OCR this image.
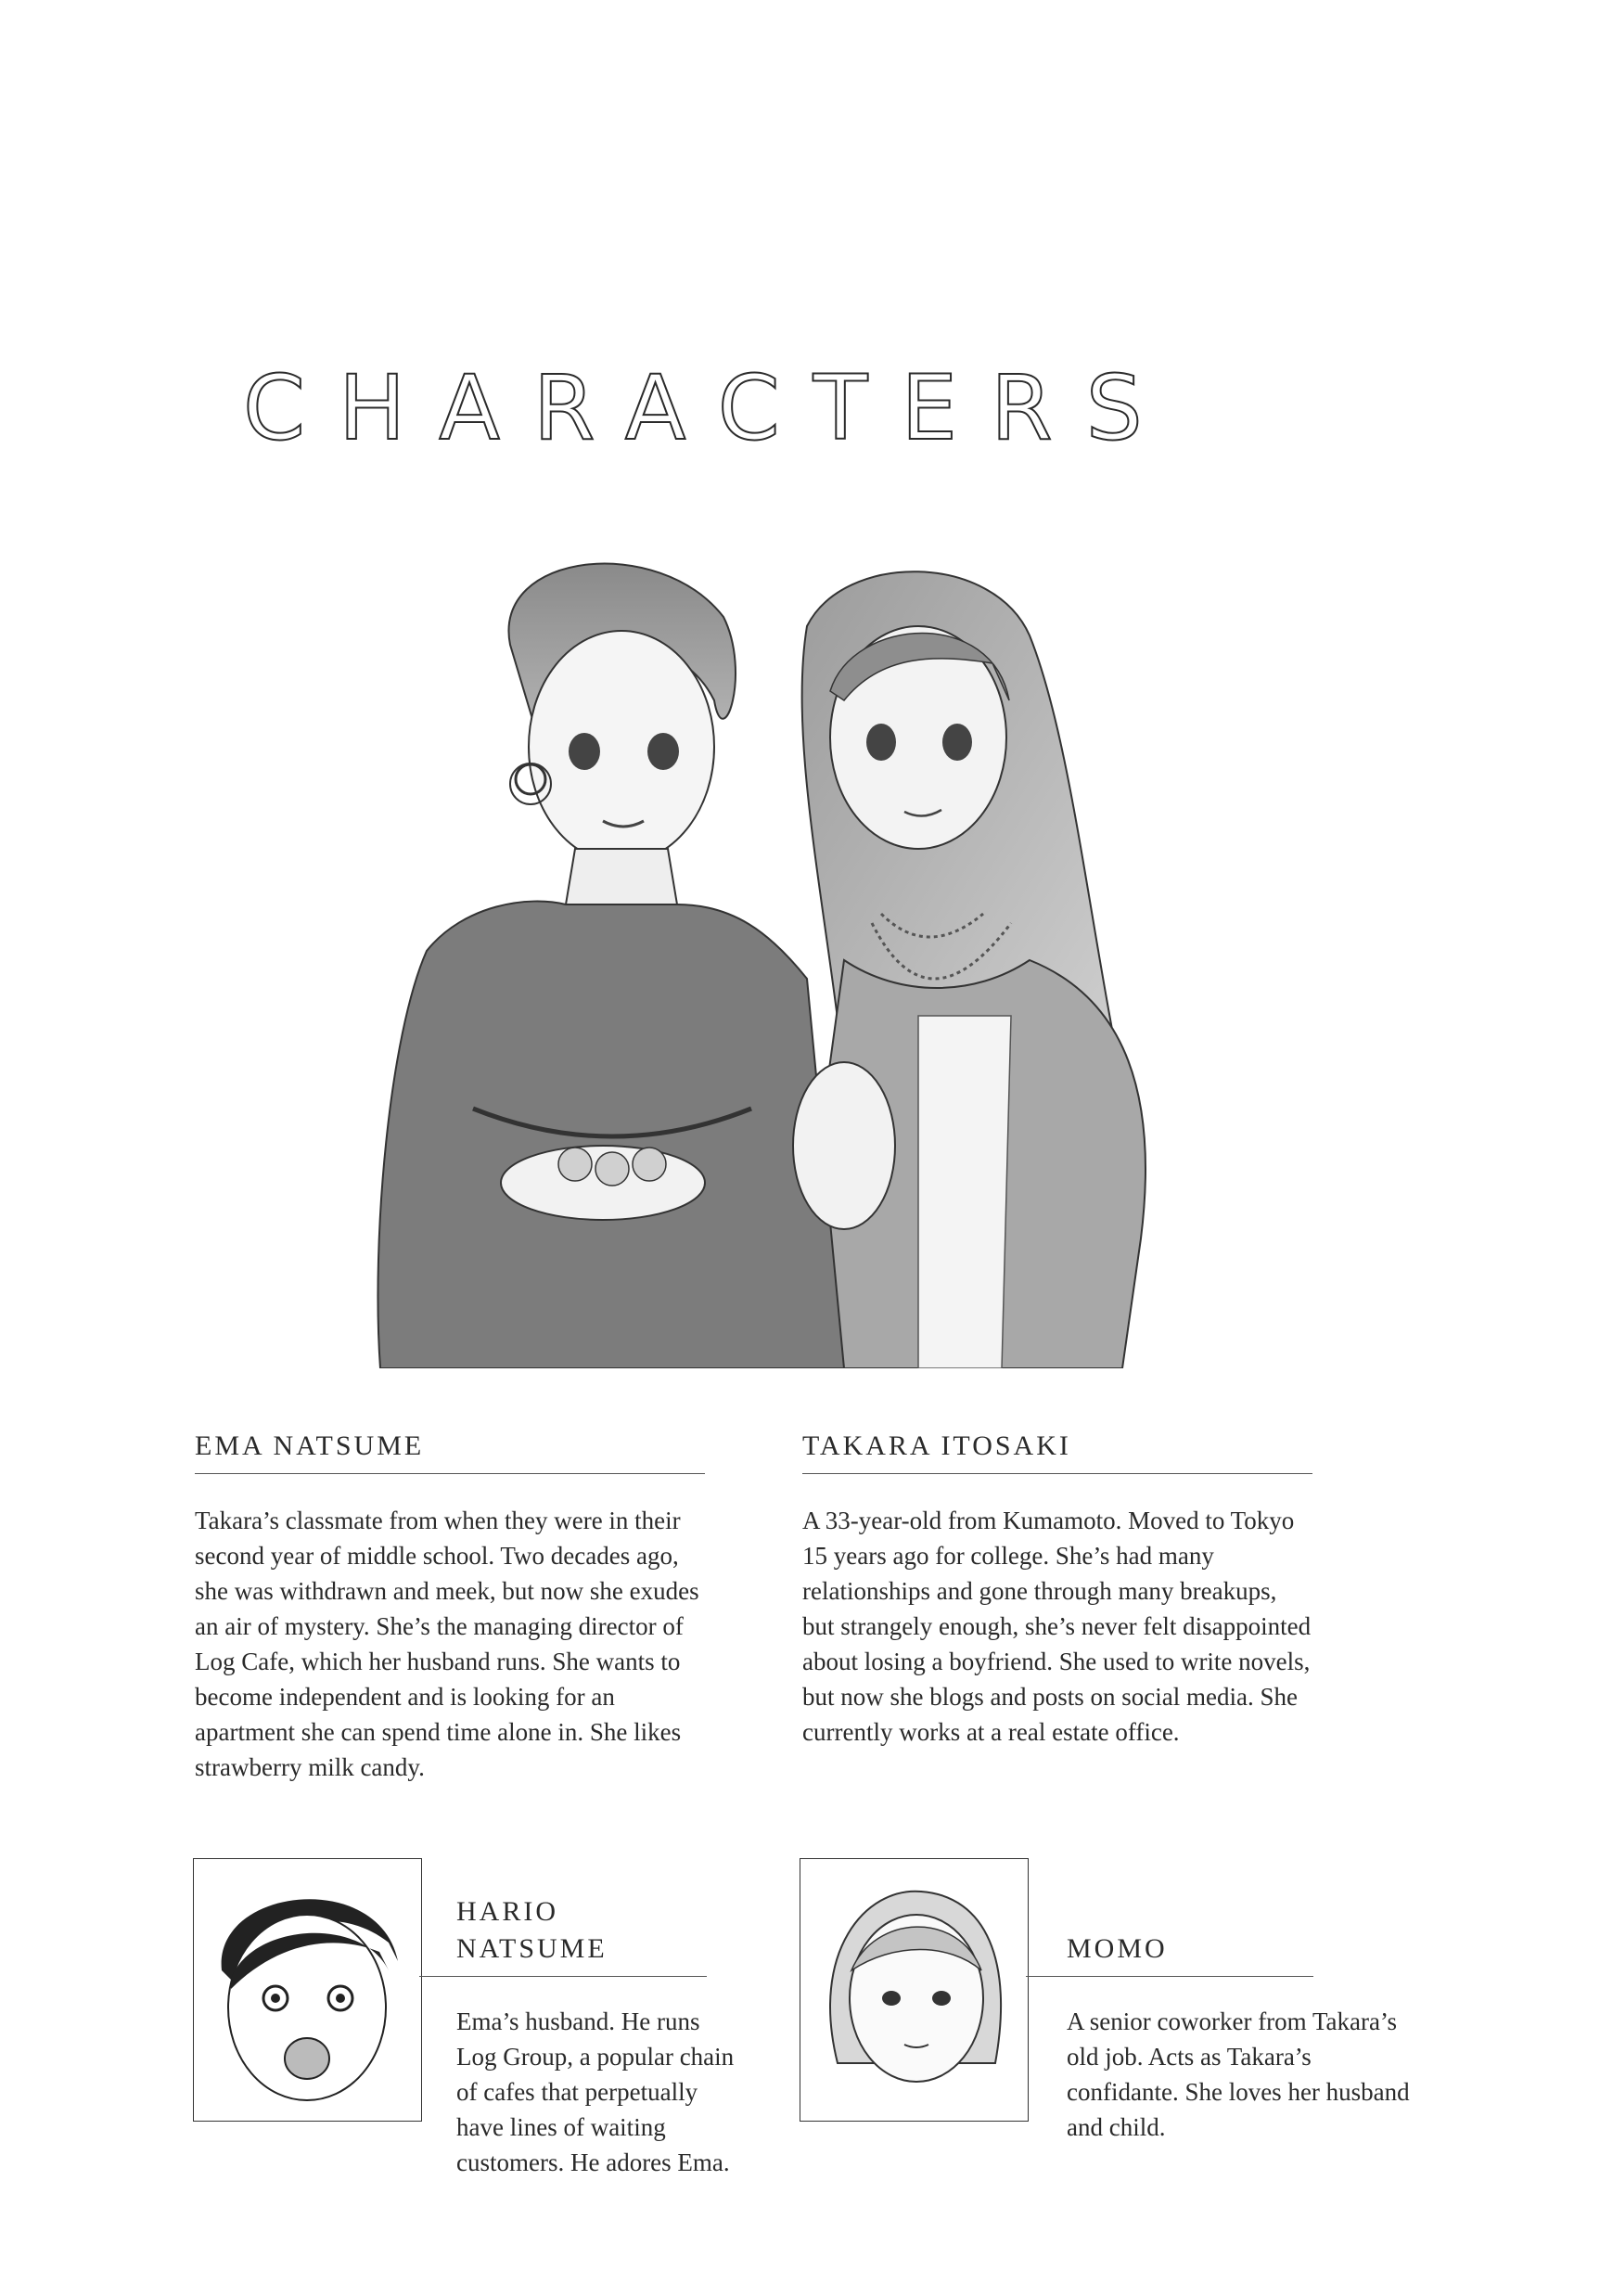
CHARACTERS
EMA NATSUME

Takara’s classmate from when they were in their second year of middle school. Two decades ago, she was withdrawn and meek, but now she exudes an air of mystery. She’s the managing director of Log Cafe, which her husband runs. She wants to become independent and is looking for an apartment she can spend time alone in. She likes strawberry milk candy.

TAKARA ITOSAKI

A 33-year-old from Kumamoto. Moved to Tokyo 15 years ago for college. She’s had many relationships and gone through many breakups, but strangely enough, she’s never felt disappointed about losing a boyfriend. She used to write novels, but now she blogs and posts on social media. She currently works at a real estate office.

HARIO
NATSUME

Ema’s husband. He runs Log Group, a popular chain of cafes that perpetually have lines of waiting customers. He adores Ema.

MOMO

A senior coworker from Takara’s old job. Acts as Takara’s confidante. She loves her husband and child.
